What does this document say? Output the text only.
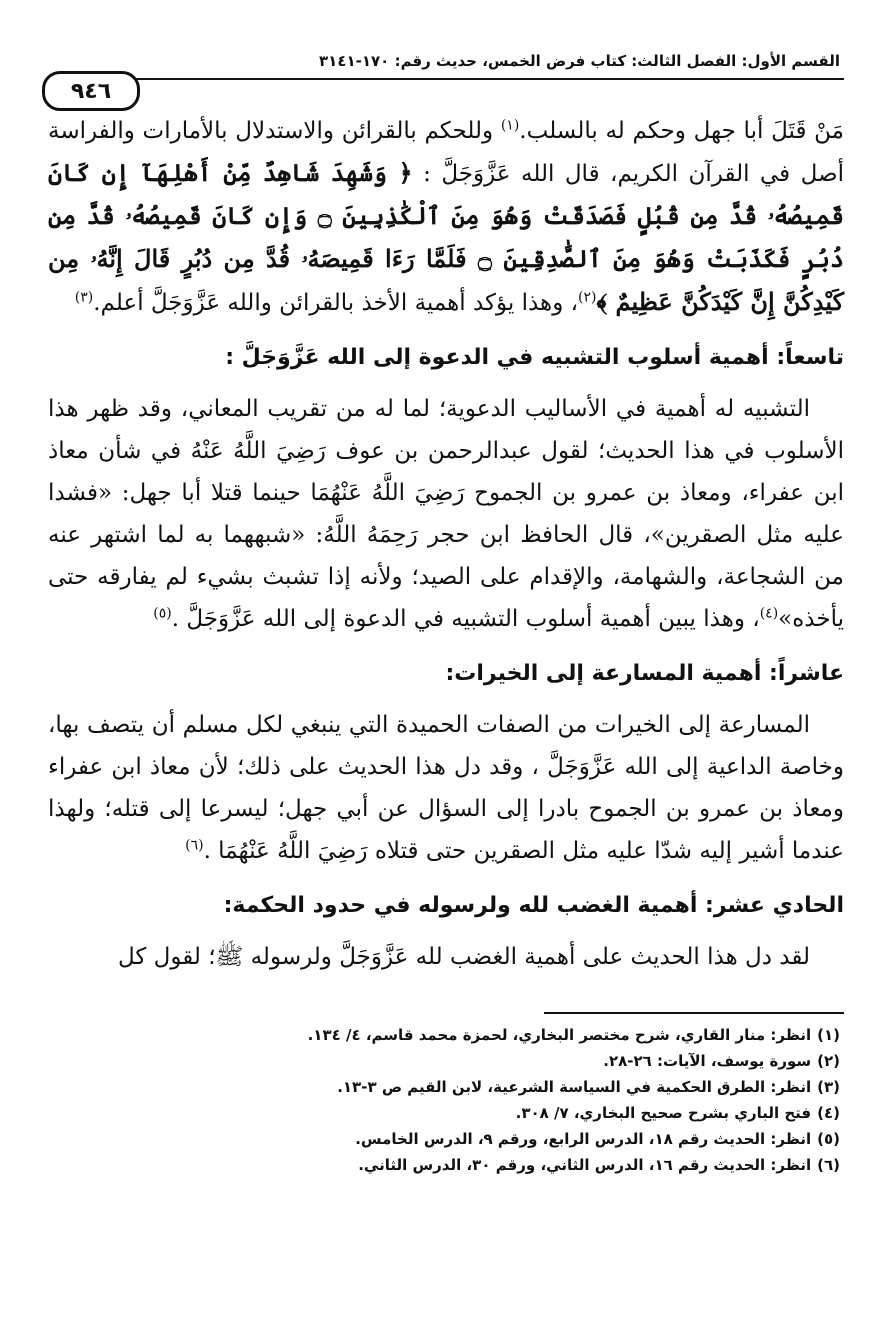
القسم الأول: الفصل الثالث: كتاب فرض الخمس، حديث رقم: ١٧٠-٣١٤١
٩٤٦

مَنْ قَتَلَ أبا جهل وحكم له بالسلب.$^{(١)}$ وللحكم بالقرائن والاستدلال بالأمارات والفراسة أصل في القرآن الكريم، قال الله عَزَّوَجَلَّ : ﴿ وَشَهِدَ شَاهِدٌ مِّنْ أَهْلِهَآ إِن كَانَ قَمِيصُهُۥ قُدَّ مِن قُبُلٍ فَصَدَقَتْ وَهُوَ مِنَ ٱلْكَٰذِبِينَ ۝ وَإِن كَانَ قَمِيصُهُۥ قُدَّ مِن دُبُرٍ فَكَذَبَتْ وَهُوَ مِنَ ٱلصَّٰدِقِينَ ۝ فَلَمَّا رَءَا قَمِيصَهُۥ قُدَّ مِن دُبُرٍ قَالَ إِنَّهُۥ مِن كَيْدِكُنَّ إِنَّ كَيْدَكُنَّ عَظِيمٌ ﴾$^{(٢)}$، وهذا يؤكد أهمية الأخذ بالقرائن والله عَزَّوَجَلَّ أعلم.$^{(٣)}$

تاسعاً: أهمية أسلوب التشبيه في الدعوة إلى الله عَزَّوَجَلَّ :

التشبيه له أهمية في الأساليب الدعوية؛ لما له من تقريب المعاني، وقد ظهر هذا الأسلوب في هذا الحديث؛ لقول عبدالرحمن بن عوف رَضِيَ اللَّهُ عَنْهُ في شأن معاذ ابن عفراء، ومعاذ بن عمرو بن الجموح رَضِيَ اللَّهُ عَنْهُمَا حينما قتلا أبا جهل: «فشدا عليه مثل الصقرين»، قال الحافظ ابن حجر رَحِمَهُ اللَّهُ: «شبههما به لما اشتهر عنه من الشجاعة، والشهامة، والإقدام على الصيد؛ ولأنه إذا تشبث بشيء لم يفارقه حتى يأخذه»$^{(٤)}$، وهذا يبين أهمية أسلوب التشبيه في الدعوة إلى الله عَزَّوَجَلَّ .$^{(٥)}$

عاشراً: أهمية المسارعة إلى الخيرات:

المسارعة إلى الخيرات من الصفات الحميدة التي ينبغي لكل مسلم أن يتصف بها، وخاصة الداعية إلى الله عَزَّوَجَلَّ ، وقد دل هذا الحديث على ذلك؛ لأن معاذ ابن عفراء ومعاذ بن عمرو بن الجموح بادرا إلى السؤال عن أبي جهل؛ ليسرعا إلى قتله؛ ولهذا عندما أشير إليه شدّا عليه مثل الصقرين حتى قتلاه رَضِيَ اللَّهُ عَنْهُمَا .$^{(٦)}$

الحادي عشر: أهمية الغضب لله ولرسوله في حدود الحكمة:

لقد دل هذا الحديث على أهمية الغضب لله عَزَّوَجَلَّ ولرسوله ﷺ؛ لقول كل

(١)انظر: منار القاري، شرح مختصر البخاري، لحمزة محمد قاسم، ٤/ ١٣٤.
(٢)سورة يوسف، الآيات: ٢٦-٢٨.
(٣)انظر: الطرق الحكمية في السياسة الشرعية، لابن القيم ص ٣-١٣.
(٤)فتح الباري بشرح صحيح البخاري، ٧/ ٣٠٨.
(٥)انظر: الحديث رقم ١٨، الدرس الرابع، ورقم ٩، الدرس الخامس.
(٦)انظر: الحديث رقم ١٦، الدرس الثاني، ورقم ٣٠، الدرس الثاني.
